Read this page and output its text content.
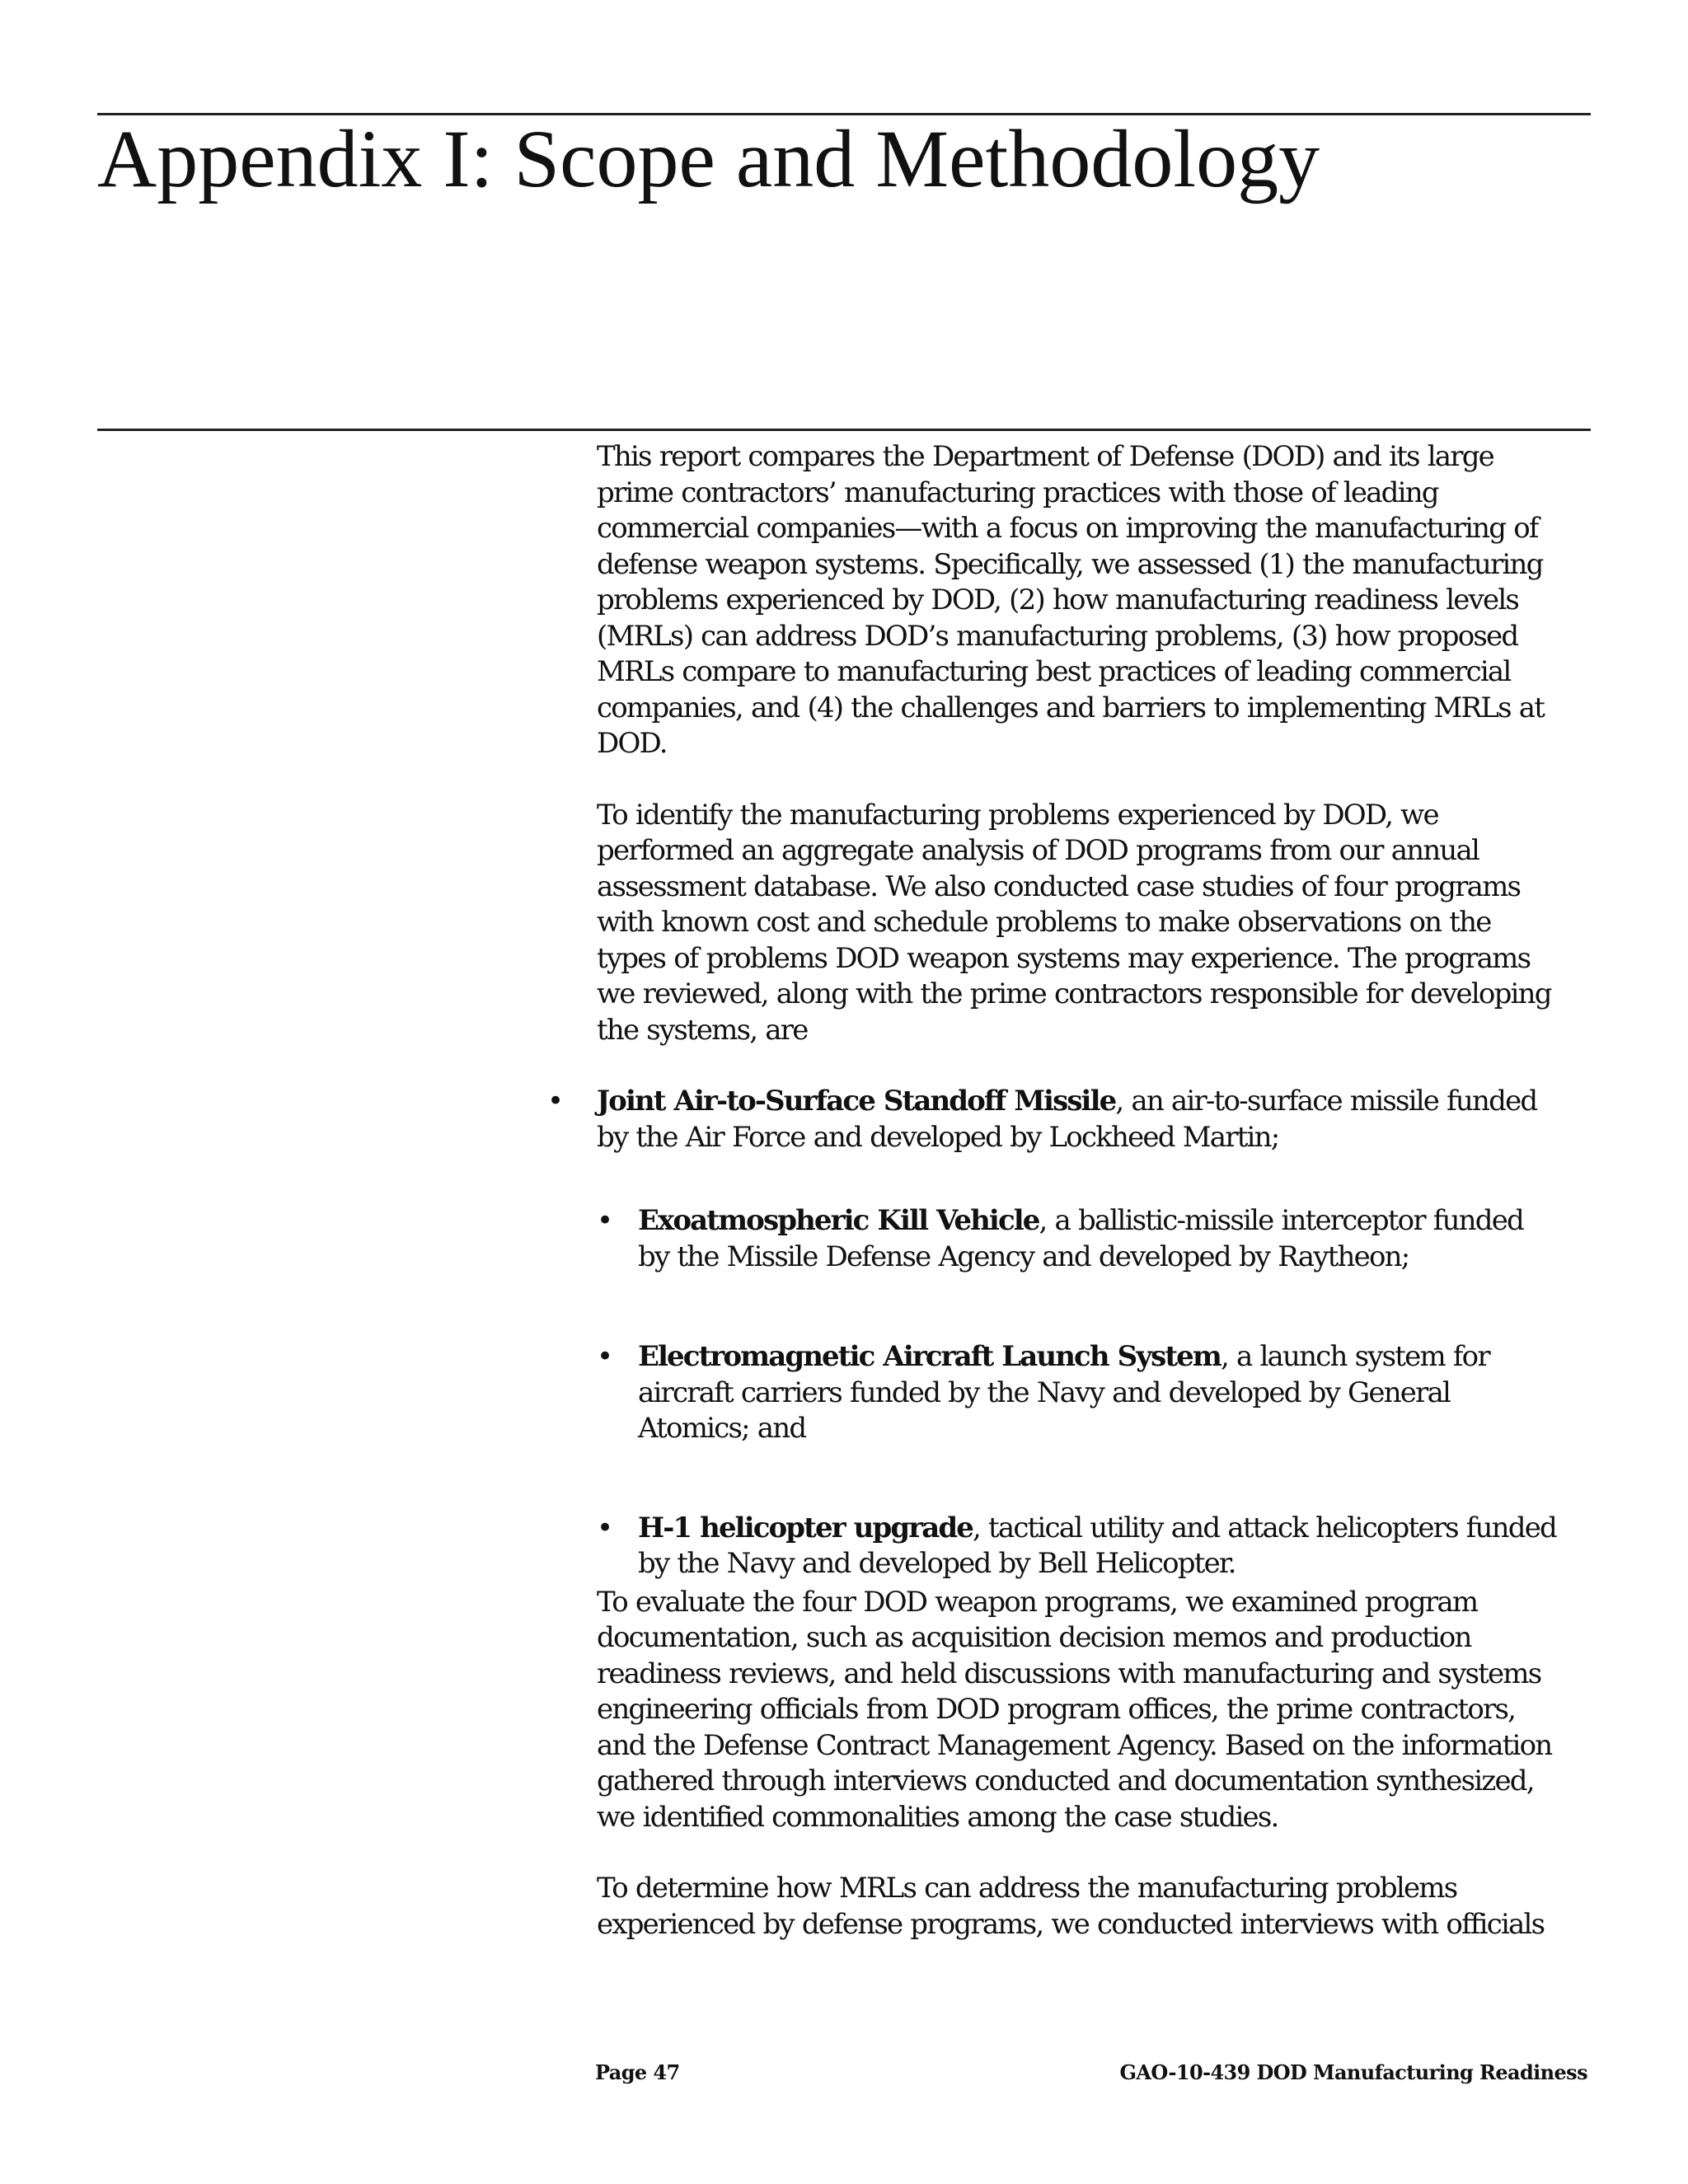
Appendix I: Scope and Methodology

This report compares the Department of Defense (DOD) and its large
prime contractors’ manufacturing practices with those of leading
commercial companies—with a focus on improving the manufacturing of
defense weapon systems. Specifically, we assessed (1) the manufacturing
problems experienced by DOD, (2) how manufacturing readiness levels
(MRLs) can address DOD’s manufacturing problems, (3) how proposed
MRLs compare to manufacturing best practices of leading commercial
companies, and (4) the challenges and barriers to implementing MRLs at
DOD.

To identify the manufacturing problems experienced by DOD, we
performed an aggregate analysis of DOD programs from our annual
assessment database. We also conducted case studies of four programs
with known cost and schedule problems to make observations on the
types of problems DOD weapon systems may experience. The programs
we reviewed, along with the prime contractors responsible for developing
the systems, are

• Joint Air-to-Surface Standoff Missile, an air-to-surface missile funded
by the Air Force and developed by Lockheed Martin;
• Exoatmospheric Kill Vehicle, a ballistic-missile interceptor funded
by the Missile Defense Agency and developed by Raytheon;
• Electromagnetic Aircraft Launch System, a launch system for
aircraft carriers funded by the Navy and developed by General
Atomics; and
• H-1 helicopter upgrade, tactical utility and attack helicopters funded
by the Navy and developed by Bell Helicopter.

To evaluate the four DOD weapon programs, we examined program
documentation, such as acquisition decision memos and production
readiness reviews, and held discussions with manufacturing and systems
engineering officials from DOD program offices, the prime contractors,
and the Defense Contract Management Agency. Based on the information
gathered through interviews conducted and documentation synthesized,
we identified commonalities among the case studies.

To determine how MRLs can address the manufacturing problems
experienced by defense programs, we conducted interviews with officials

Page 47	GAO-10-439 DOD Manufacturing Readiness
